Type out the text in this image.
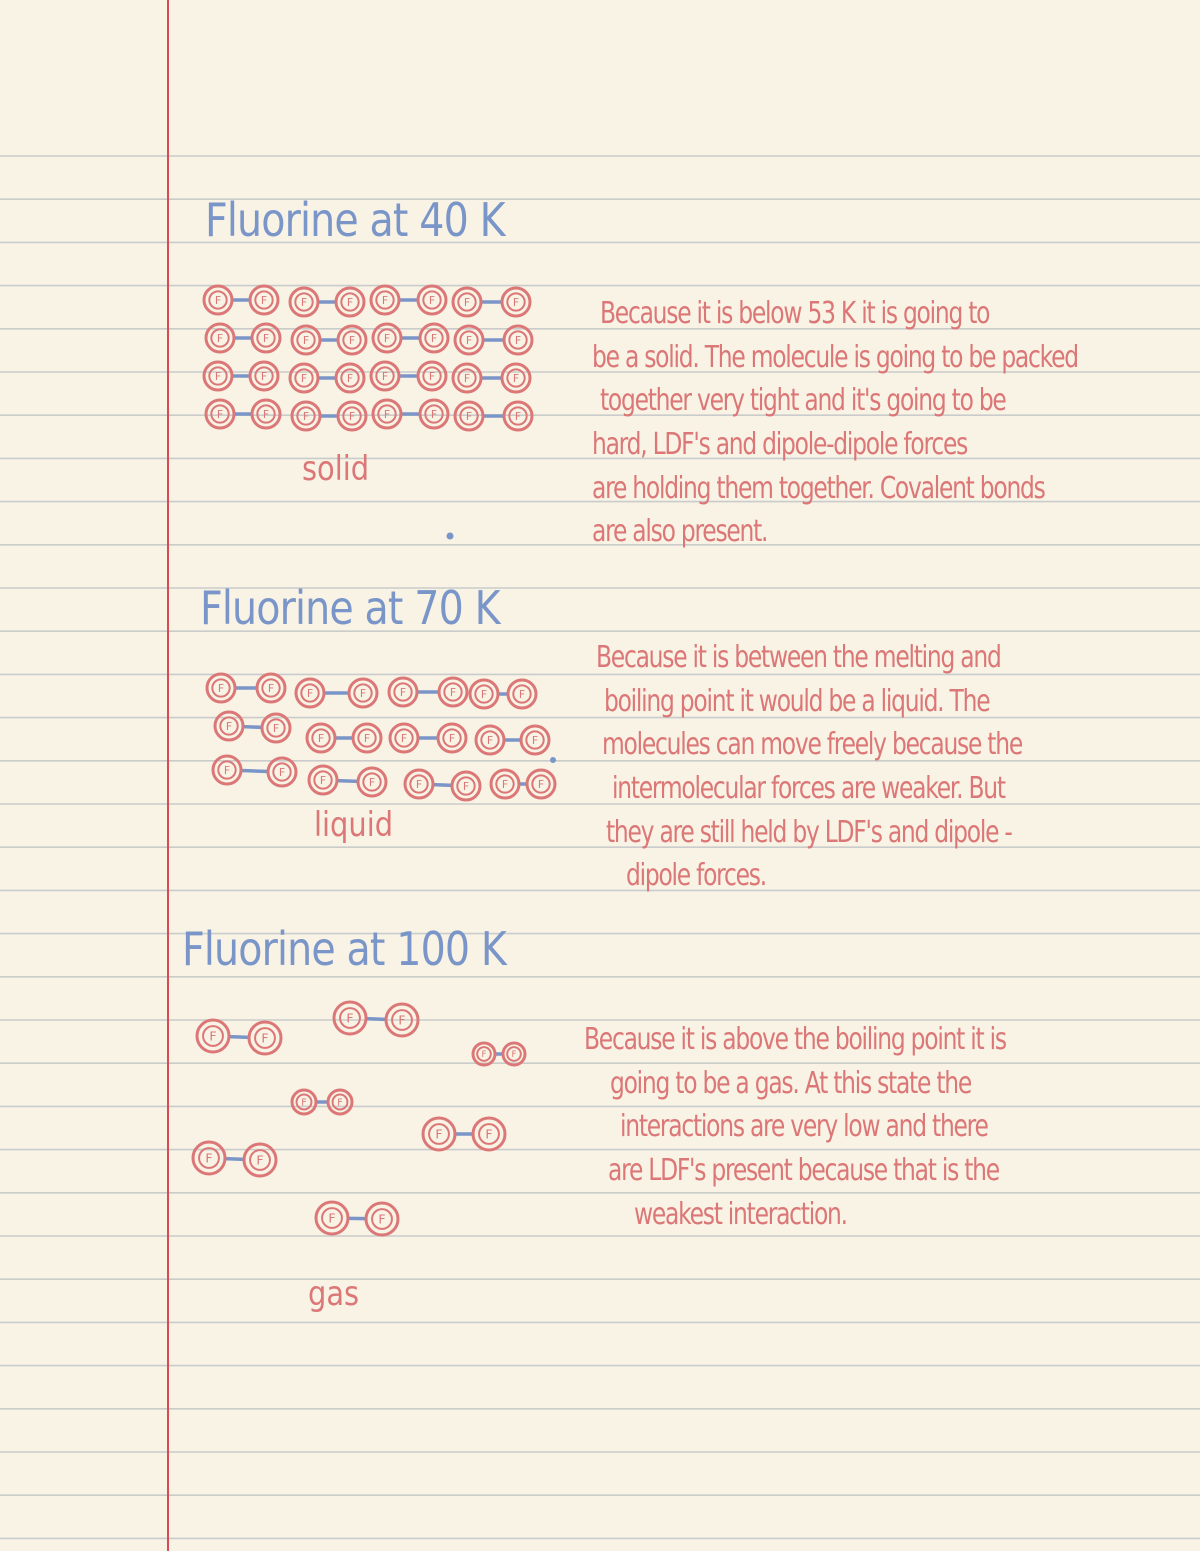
Fluorine at 40 K
F	F	F	F	F	F	F	F
F	F	F	F	F	F	F	F
F	F	F	F	F	F	F	F
F	F	F	F	F	F	F	F
solid
Because it is below 53 K it is going to
be a solid. The molecule is going to be packed
together very tight and it's going to be
hard, LDF's and dipole-dipole forces
are holding them together. Covalent bonds
are also present.
Fluorine at 70 K
F	F	F	F	F	F F	F
F	F
F	F	F	F	F	F
F	F
F	F	F	F	F	F
liquid
Because it is between the melting and
boiling point it would be a liquid. The
molecules can move freely because the
intermolecular forces are weaker. But
they are still held by LDF's and dipole -
dipole forces.
Fluorine at 100 K
F	F
F	F
F	F
F	F
F	F
F	F
F	F
gas
Because it is above the boiling point it is
going to be a gas. At this state the
interactions are very low and there
are LDF's present because that is the
weakest interaction.
